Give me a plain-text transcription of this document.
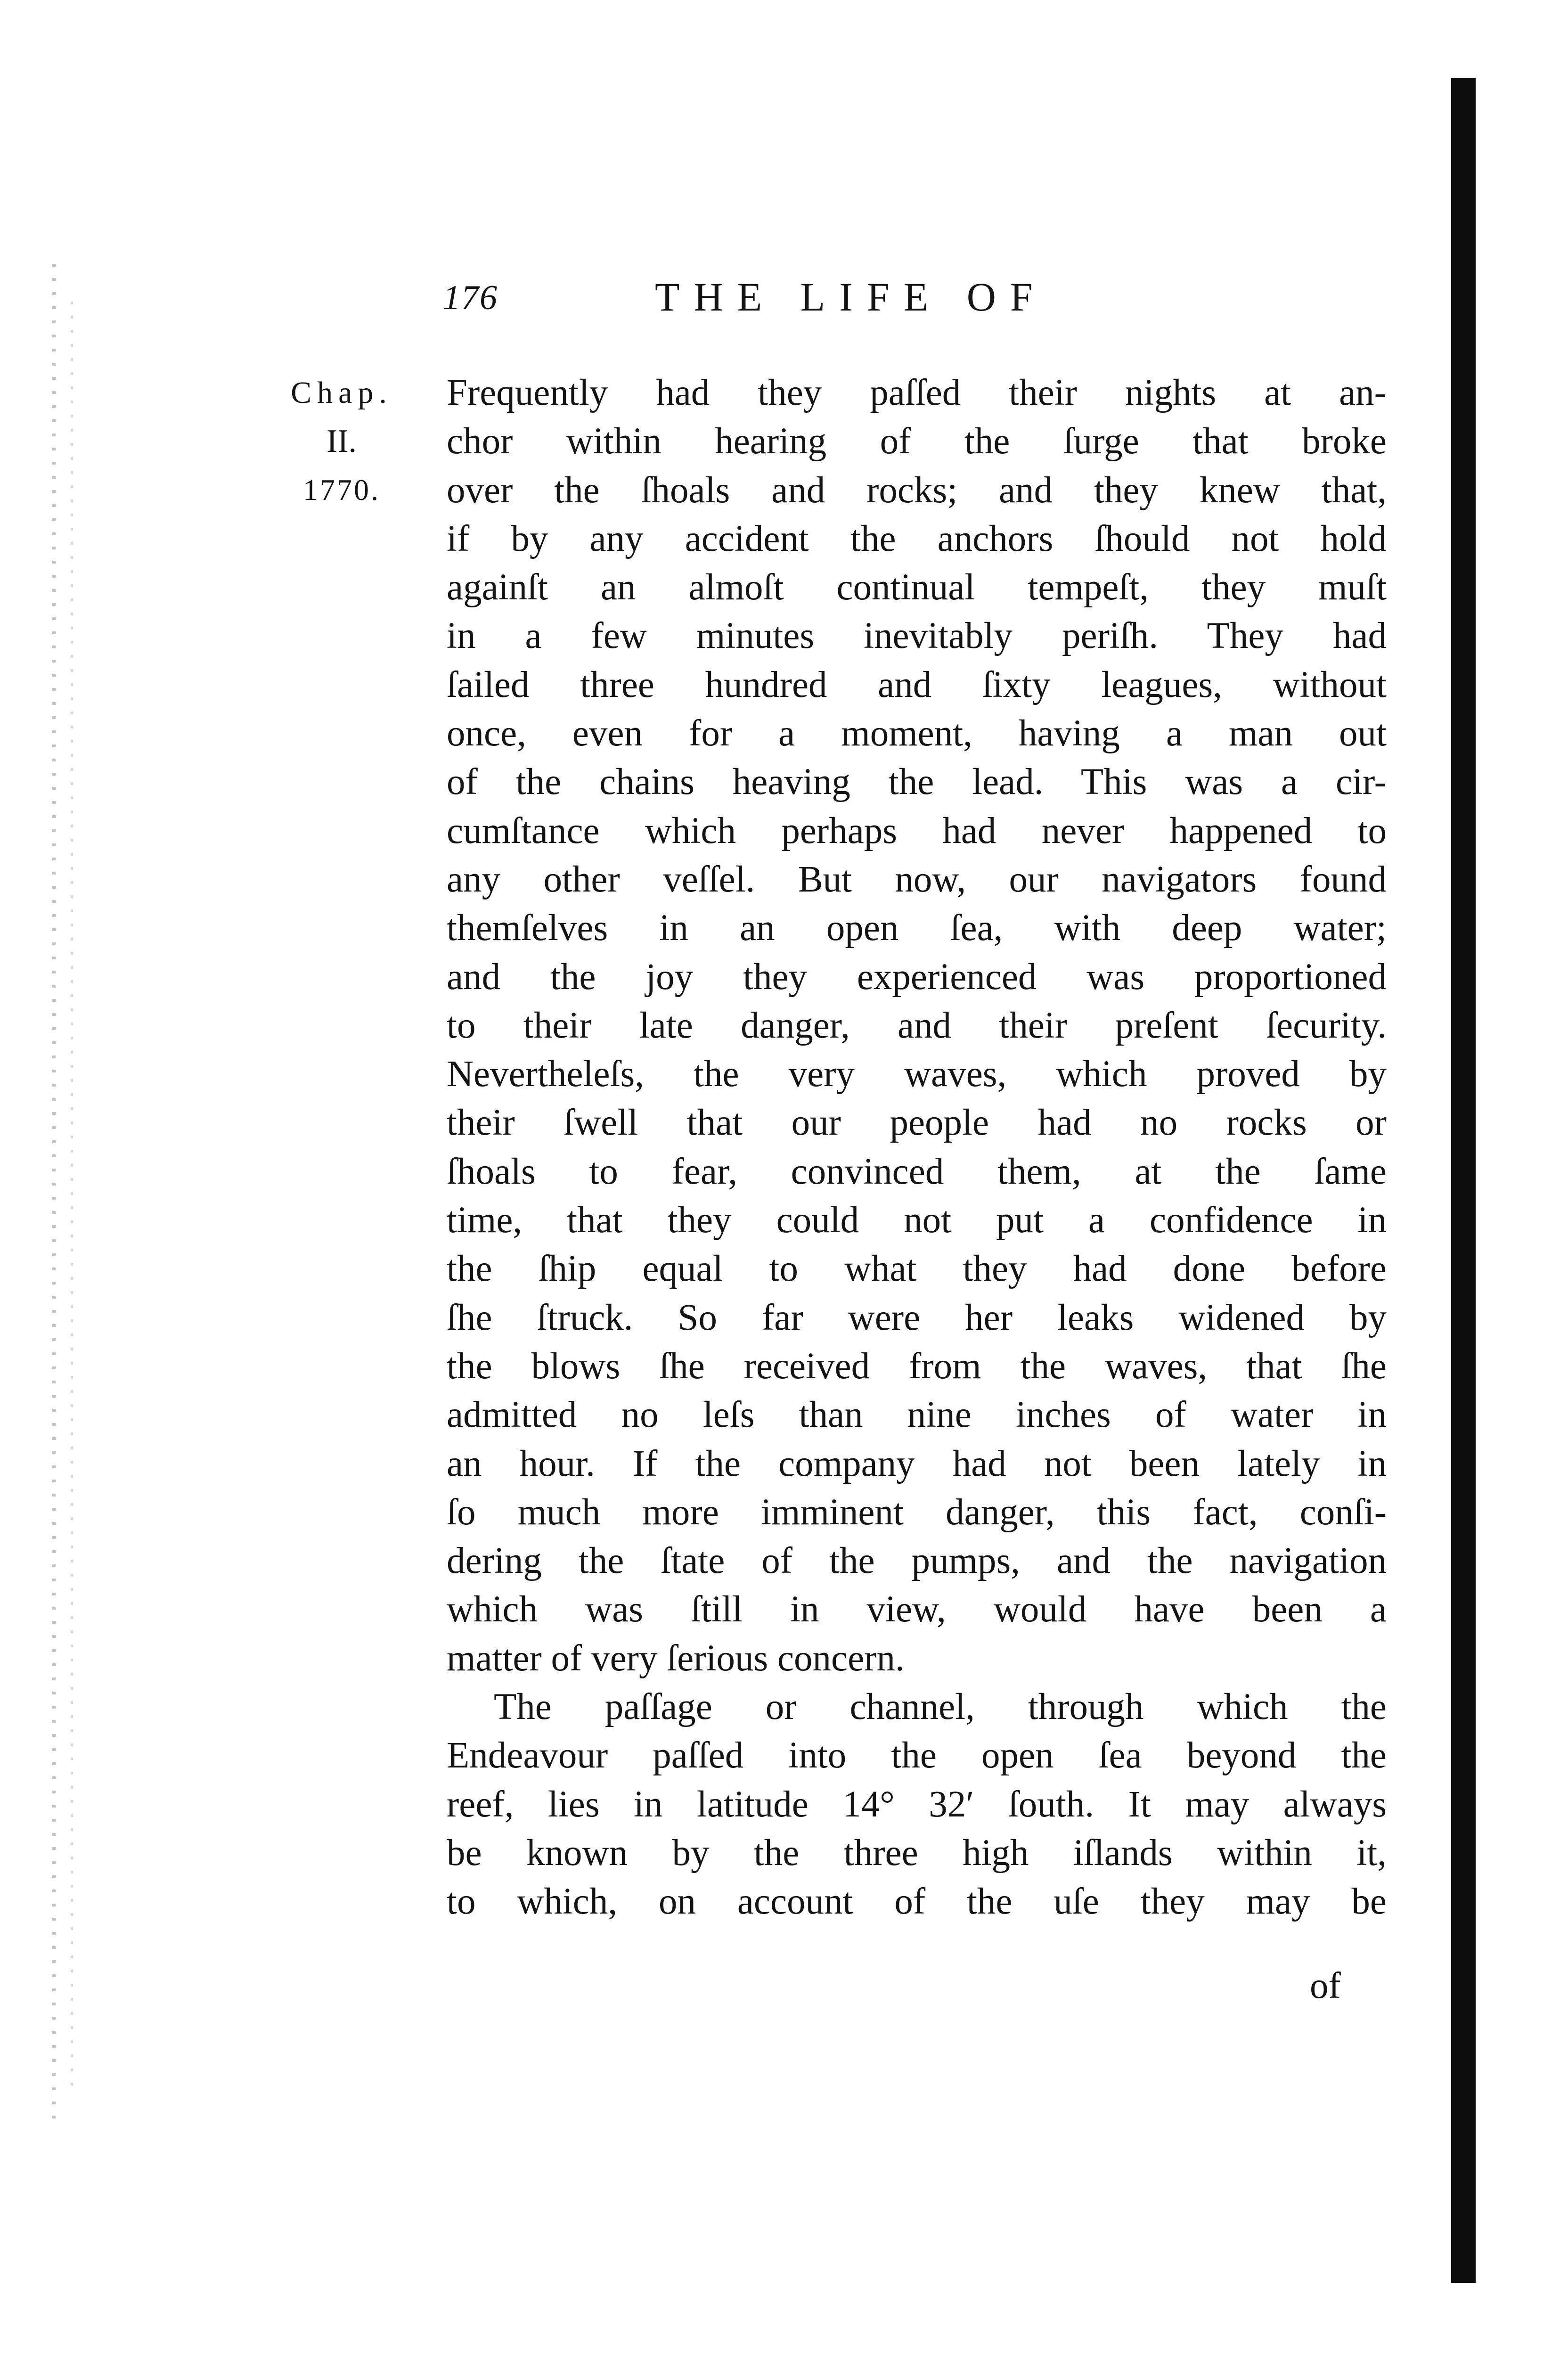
176	THE LIFE OF
Chap.
II.
1770.
Frequently had they paſſed their nights at an-
chor within hearing of the ſurge that broke
over the ſhoals and rocks; and they knew that,
if by any accident the anchors ſhould not hold
againſt an almoſt continual tempeſt, they muſt
in a few minutes inevitably periſh. They had
ſailed three hundred and ſixty leagues, without
once, even for a moment, having a man out
of the chains heaving the lead. This was a cir-
cumſtance which perhaps had never happened to
any other veſſel. But now, our navigators found
themſelves in an open ſea, with deep water;
and the joy they experienced was proportioned
to their late danger, and their preſent ſecurity.
Nevertheleſs, the very waves, which proved by
their ſwell that our people had no rocks or
ſhoals to fear, convinced them, at the ſame
time, that they could not put a confidence in
the ſhip equal to what they had done before
ſhe ſtruck. So far were her leaks widened by
the blows ſhe received from the waves, that ſhe
admitted no leſs than nine inches of water in
an hour. If the company had not been lately in
ſo much more imminent danger, this fact, conſi-
dering the ſtate of the pumps, and the navigation
which was ſtill in view, would have been a
matter of very ſerious concern.
The paſſage or channel, through which the
Endeavour paſſed into the open ſea beyond the
reef, lies in latitude 14° 32′ ſouth. It may always
be known by the three high iſlands within it,
to which, on account of the uſe they may be
of
